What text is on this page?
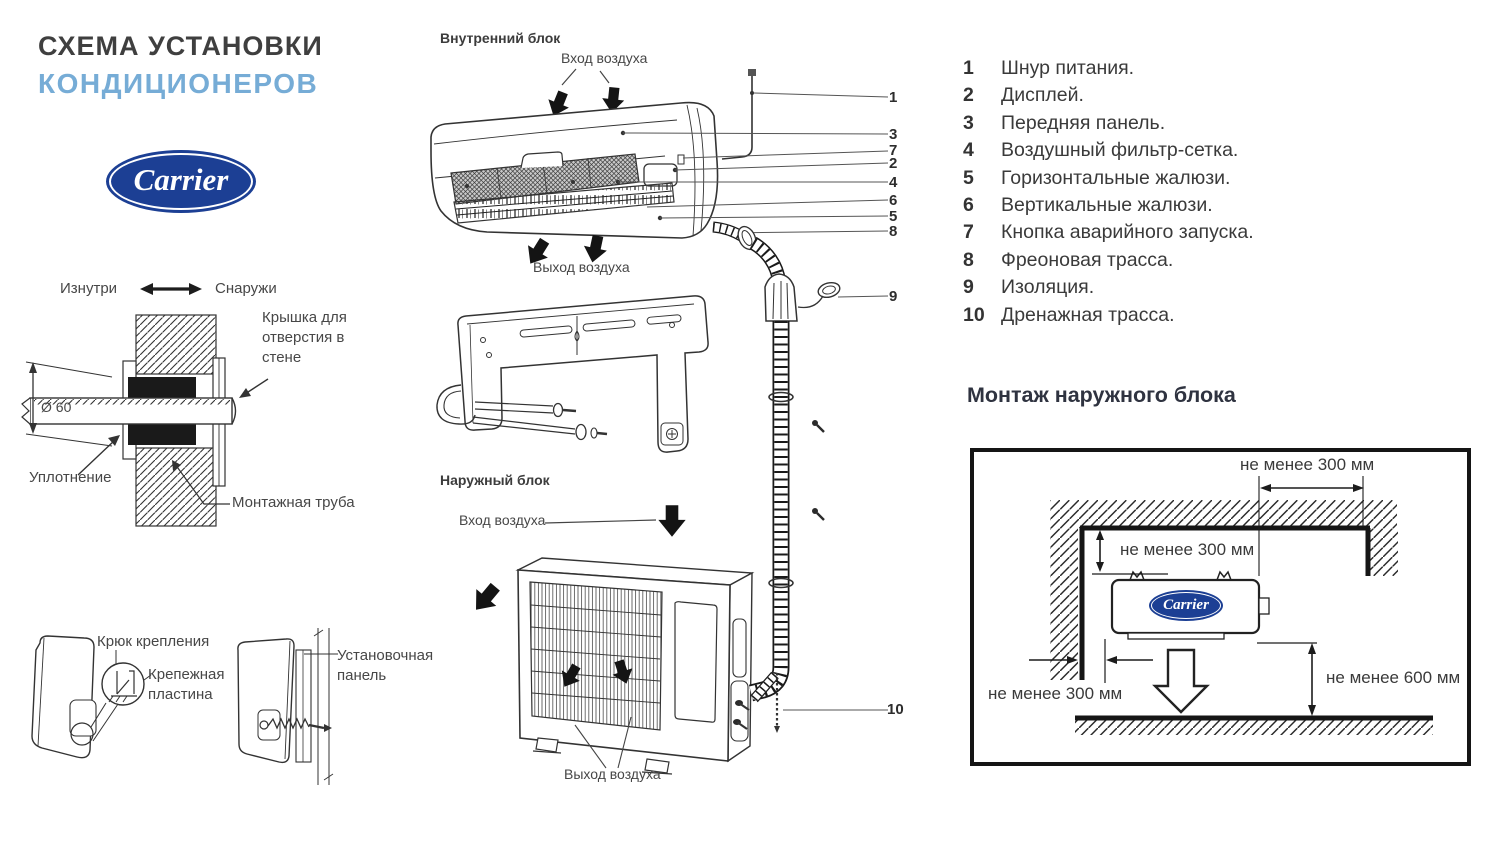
СХЕМА УСТАНОВКИ
КОНДИЦИОНЕРОВ
Carrier
Изнутри	Снаружи
Крышка для отверстия в стене
Ø 60
Уплотнение
Монтажная труба
Крюк крепления
Крепежная пластина
Установочная панель
Внутренний блок
Вход воздуха
Выход воздуха
Наружный блок
Вход воздуха
Выход воздуха
1
3
7
2
4
6
5
8
9
10
1	Шнур питания.
2	Дисплей.
3	Передняя панель.
4	Воздушный фильтр-сетка.
5	Горизонтальные жалюзи.
6	Вертикальные жалюзи.
7	Кнопка аварийного запуска.
8	Фреоновая трасса.
9	Изоляция.
10 Дренажная трасса.
Монтаж наружного блока
Carrier
не менее 300 мм
не менее 300 мм
не менее 300 мм
не менее 600 мм
